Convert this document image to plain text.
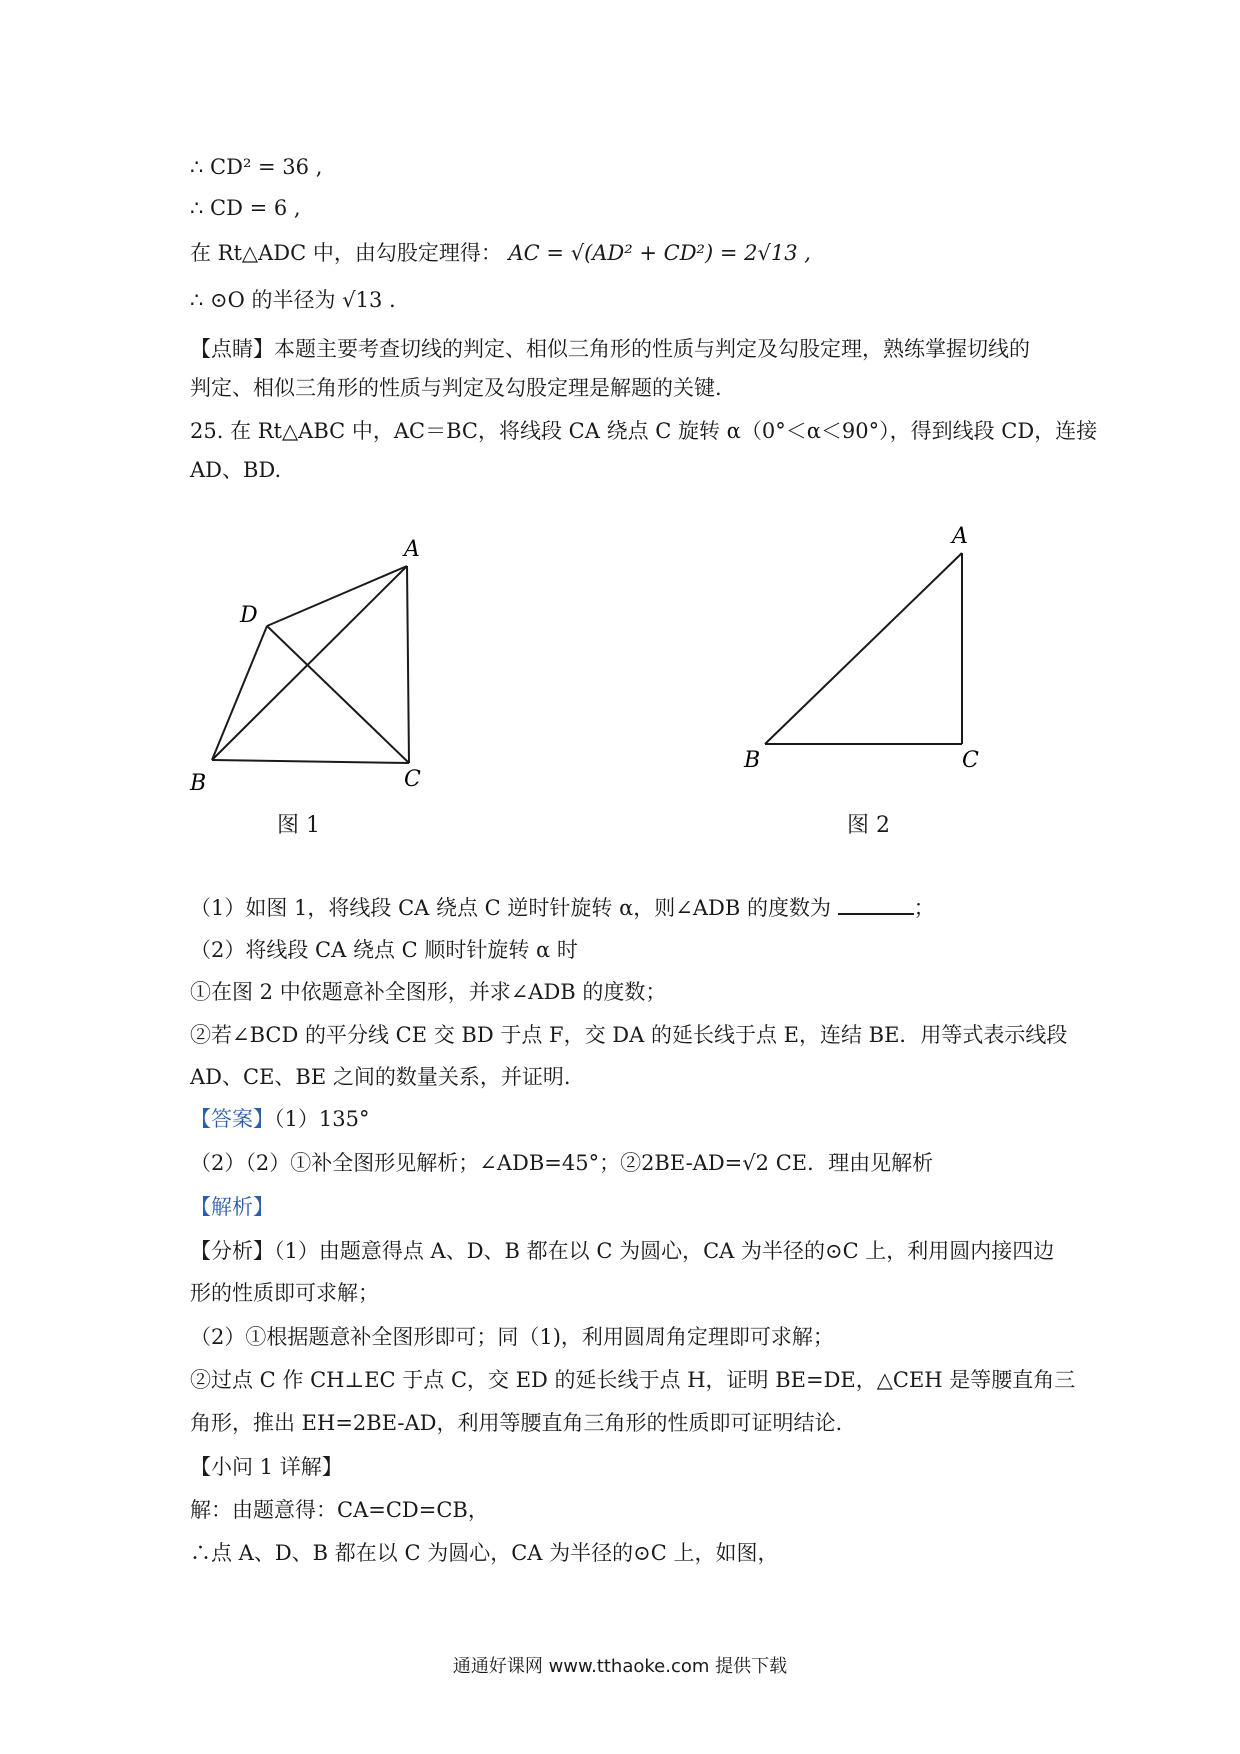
∴ CD² = 36 ,
∴ CD = 6 ,
在 Rt△ADC 中，由勾股定理得： AC = √(AD² + CD²) = 2√13 ,
∴ ⊙O 的半径为 √13 .
【点睛】本题主要考查切线的判定、相似三角形的性质与判定及勾股定理，熟练掌握切线的
判定、相似三角形的性质与判定及勾股定理是解题的关键.
25. 在 Rt△ABC 中，AC＝BC，将线段 CA 绕点 C 旋转 α（0°＜α＜90°），得到线段 CD，连接
AD、BD.
A
D
B	C
A
B	C
图 1	图 2
（1）如图 1，将线段 CA 绕点 C 逆时针旋转 α，则∠ADB 的度数为	；
（2）将线段 CA 绕点 C 顺时针旋转 α 时
①在图 2 中依题意补全图形，并求∠ADB 的度数；
②若∠BCD 的平分线 CE 交 BD 于点 F，交 DA 的延长线于点 E，连结 BE．用等式表示线段
AD、CE、BE 之间的数量关系，并证明.
【答案】（1）135°
（2）（2）①补全图形见解析；∠ADB=45°；②2BE-AD=√2 CE．理由见解析
【解析】
【分析】（1）由题意得点 A、D、B 都在以 C 为圆心，CA 为半径的⊙C 上，利用圆内接四边
形的性质即可求解；
（2）①根据题意补全图形即可；同（1)，利用圆周角定理即可求解；
②过点 C 作 CH⊥EC 于点 C，交 ED 的延长线于点 H，证明 BE=DE，△CEH 是等腰直角三
角形，推出 EH=2BE-AD，利用等腰直角三角形的性质即可证明结论.
【小问 1 详解】
解：由题意得：CA=CD=CB，
∴点 A、D、B 都在以 C 为圆心，CA 为半径的⊙C 上，如图，
通通好课网 www.tthaoke.com 提供下载
